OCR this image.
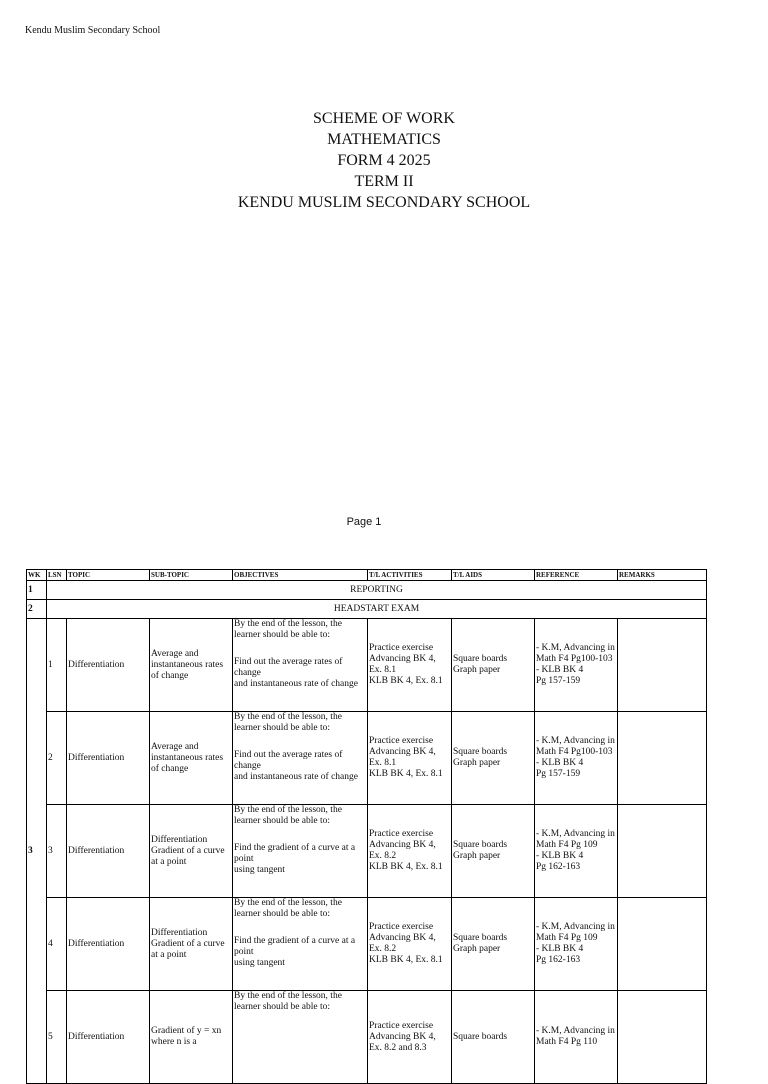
Kendu Muslim Secondary School
SCHEME OF WORK
MATHEMATICS
FORM 4 2025
TERM II
KENDU MUSLIM SECONDARY SCHOOL
Page 1
WK	LSN	TOPIC	SUB-TOPIC	OBJECTIVES	T/L ACTIVITIES	T/L AIDS	REFERENCE	REMARKS
1	REPORTING							
2	HEADSTART EXAM							
3	1	Differentiation	Average and instantaneous rates of change	By the end of the lesson, the learner should be able to:
Find out the average rates of change
and instantaneous rate of change	Practice exercise
Advancing BK 4, Ex. 8.1
KLB BK 4, Ex. 8.1	Square boards
Graph paper	- K.M, Advancing in
Math F4 Pg100-103
- KLB BK 4
Pg 157-159	
	2	Differentiation	Average and instantaneous rates of change	By the end of the lesson, the learner should be able to:
Find out the average rates of change
and instantaneous rate of change	Practice exercise
Advancing BK 4, Ex. 8.1
KLB BK 4, Ex. 8.1	Square boards
Graph paper	- K.M, Advancing in
Math F4 Pg100-103
- KLB BK 4
Pg 157-159	
	3	Differentiation	Differentiation
Gradient of a curve at a point	By the end of the lesson, the learner should be able to:
Find the gradient of a curve at a point
using tangent	Practice exercise
Advancing BK 4, Ex. 8.2
KLB BK 4, Ex. 8.1	Square boards
Graph paper	- K.M, Advancing in
Math F4 Pg 109
- KLB BK 4
Pg 162-163	
	4	Differentiation	Differentiation
Gradient of a curve at a point	By the end of the lesson, the learner should be able to:
Find the gradient of a curve at a point
using tangent	Practice exercise
Advancing BK 4, Ex. 8.2
KLB BK 4, Ex. 8.1	Square boards
Graph paper	- K.M, Advancing in
Math F4 Pg 109
- KLB BK 4
Pg 162-163	
	5	Differentiation	Gradient of y = xn where n is a	By the end of the lesson, the learner should be able to:	Practice exercise
Advancing BK 4, Ex. 8.2 and 8.3	Square boards	- K.M, Advancing in
Math F4 Pg 110	
